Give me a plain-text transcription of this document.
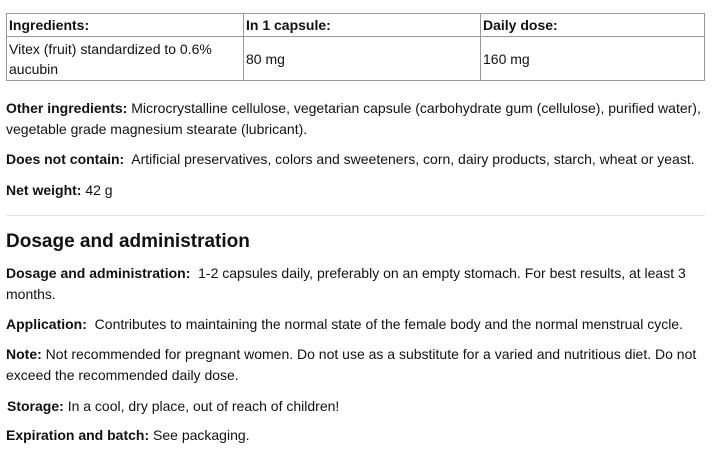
Ingredients:	In 1 capsule:	Daily dose:
Vitex (fruit) standardized to 0.6% aucubin	80 mg	160 mg
Other ingredients: Microcrystalline cellulose, vegetarian capsule (carbohydrate gum (cellulose), purified water), vegetable grade magnesium stearate (lubricant).
Does not contain: Artificial preservatives, colors and sweeteners, corn, dairy products, starch, wheat or yeast.
Net weight: 42 g
Dosage and administration
Dosage and administration: 1-2 capsules daily, preferably on an empty stomach. For best results, at least 3 months.
Application: Contributes to maintaining the normal state of the female body and the normal menstrual cycle.
Note: Not recommended for pregnant women. Do not use as a substitute for a varied and nutritious diet. Do not exceed the recommended daily dose.
Storage: In a cool, dry place, out of reach of children!
Expiration and batch: See packaging.
